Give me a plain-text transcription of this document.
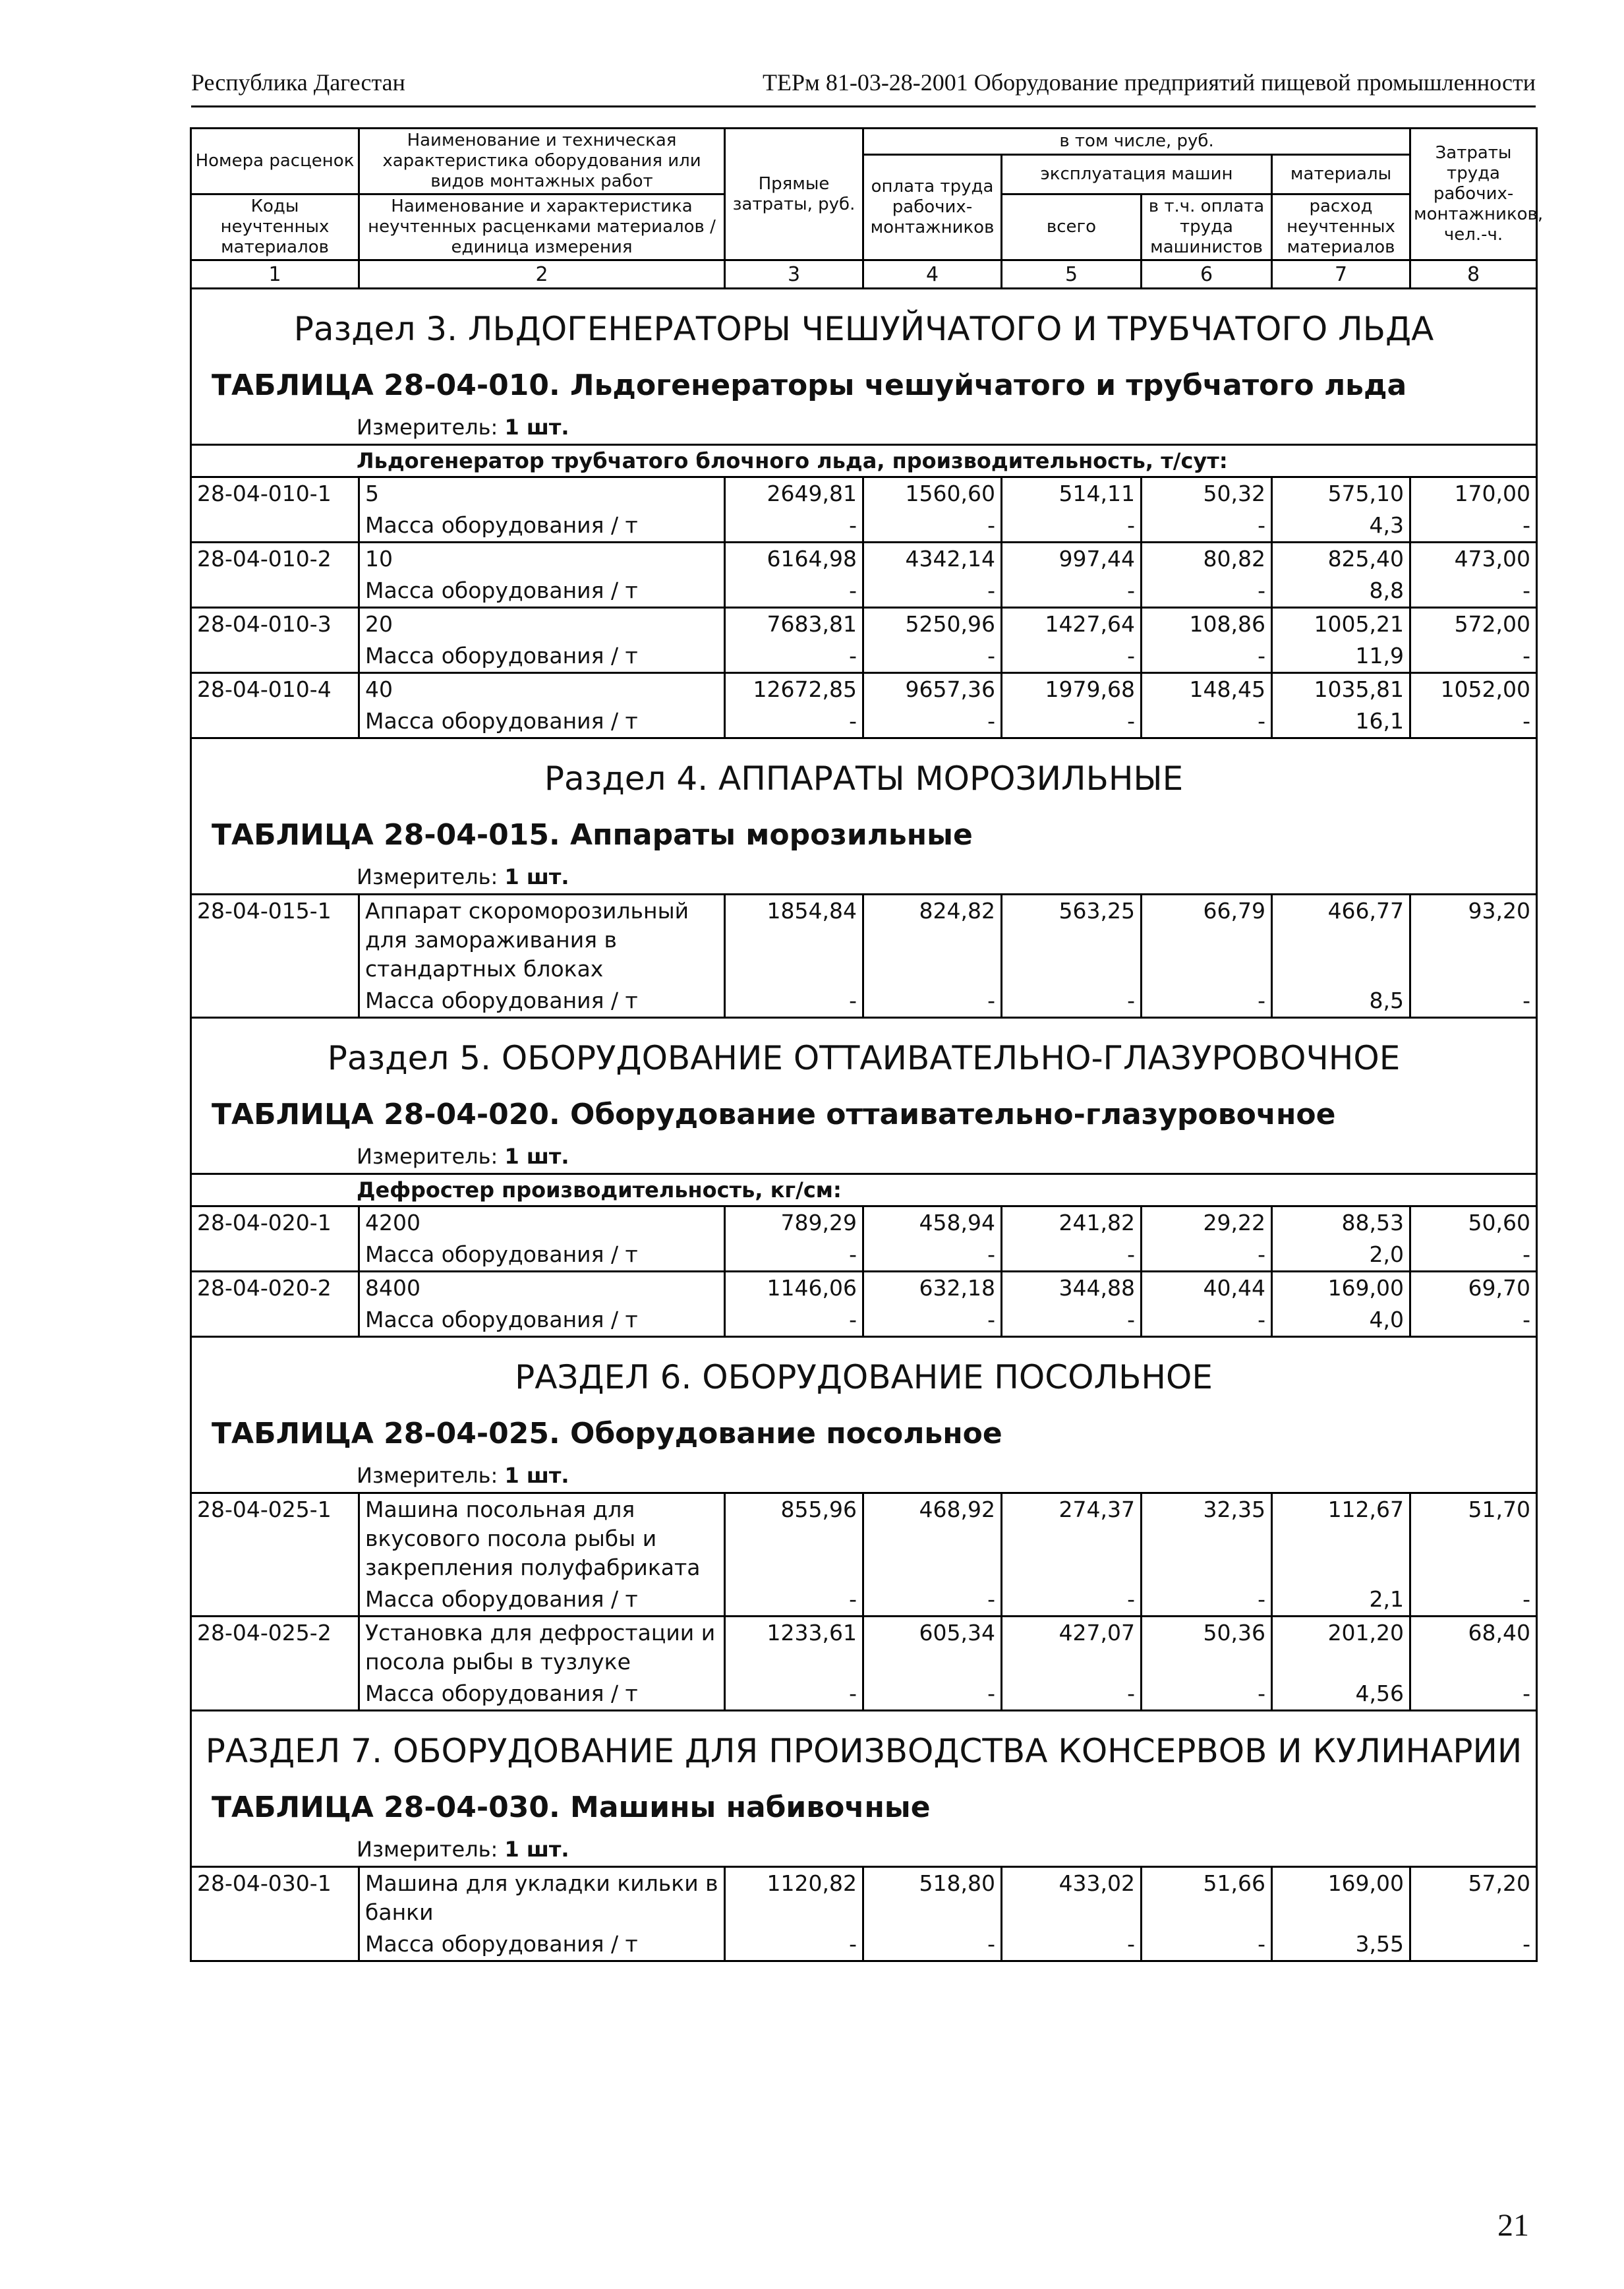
Республика Дагестан	ТЕРм 81-03-28-2001 Оборудование предприятий пищевой промышленности
Номера расценок	Наименование и техническая характеристика оборудования или видов монтажных работ	Прямые затраты, руб.	в том числе, руб.				Затраты труда рабочих-монтажников, чел.-ч.
			оплата труда рабочих-монтажников	эксплуатация машин		материалы	
Коды неучтенных материалов	Наименование и характеристика неучтенных расценками материалов / единица измерения			всего	в т.ч. оплата труда машинистов	расход неучтенных материалов	

1	2	3	4	5	6	7	8

Раздел 3. ЛЬДОГЕНЕРАТОРЫ ЧЕШУЙЧАТОГО И ТРУБЧАТОГО ЛЬДА
ТАБЛИЦА 28-04-010. Льдогенераторы чешуйчатого и трубчатого льда
Измеритель: 1 шт.							

Льдогенератор трубчатого блочного льда, производительность, т/сут:							
28-04-010-1	5	2649,81	1560,60	514,11	50,32	575,10	170,00
	Масса оборудования / т	-	-	-	-	4,3	-
28-04-010-2	10	6164,98	4342,14	997,44	80,82	825,40	473,00
	Масса оборудования / т	-	-	-	-	8,8	-
28-04-010-3	20	7683,81	5250,96	1427,64	108,86	1005,21	572,00
	Масса оборудования / т	-	-	-	-	11,9	-
28-04-010-4	40	12672,85	9657,36	1979,68	148,45	1035,81	1052,00
	Масса оборудования / т	-	-	-	-	16,1	-

Раздел 4. АППАРАТЫ МОРОЗИЛЬНЫЕ
ТАБЛИЦА 28-04-015. Аппараты морозильные
Измеритель: 1 шт.							

28-04-015-1	Аппарат скороморозильный для замораживания в стандартных блоках	1854,84	824,82	563,25	66,79	466,77	93,20
	Масса оборудования / т	-	-	-	-	8,5	-

Раздел 5. ОБОРУДОВАНИЕ ОТТАИВАТЕЛЬНО-ГЛАЗУРОВОЧНОЕ
ТАБЛИЦА 28-04-020. Оборудование оттаивательно-глазуровочное
Измеритель: 1 шт.							

Дефростер производительность, кг/см:							
28-04-020-1	4200	789,29	458,94	241,82	29,22	88,53	50,60
	Масса оборудования / т	-	-	-	-	2,0	-
28-04-020-2	8400	1146,06	632,18	344,88	40,44	169,00	69,70
	Масса оборудования / т	-	-	-	-	4,0	-

РАЗДЕЛ 6. ОБОРУДОВАНИЕ ПОСОЛЬНОЕ
ТАБЛИЦА 28-04-025. Оборудование посольное
Измеритель: 1 шт.							

28-04-025-1	Машина посольная для вкусового посола рыбы и закрепления полуфабриката	855,96	468,92	274,37	32,35	112,67	51,70
	Масса оборудования / т	-	-	-	-	2,1	-
28-04-025-2	Установка для дефростации и посола рыбы в тузлуке	1233,61	605,34	427,07	50,36	201,20	68,40
	Масса оборудования / т	-	-	-	-	4,56	-

РАЗДЕЛ 7. ОБОРУДОВАНИЕ ДЛЯ ПРОИЗВОДСТВА КОНСЕРВОВ И КУЛИНАРИИ
ТАБЛИЦА 28-04-030. Машины набивочные
Измеритель: 1 шт.							

28-04-030-1	Машина для укладки кильки в банки	1120,82	518,80	433,02	51,66	169,00	57,20
	Масса оборудования / т	-	-	-	-	3,55	-
21
